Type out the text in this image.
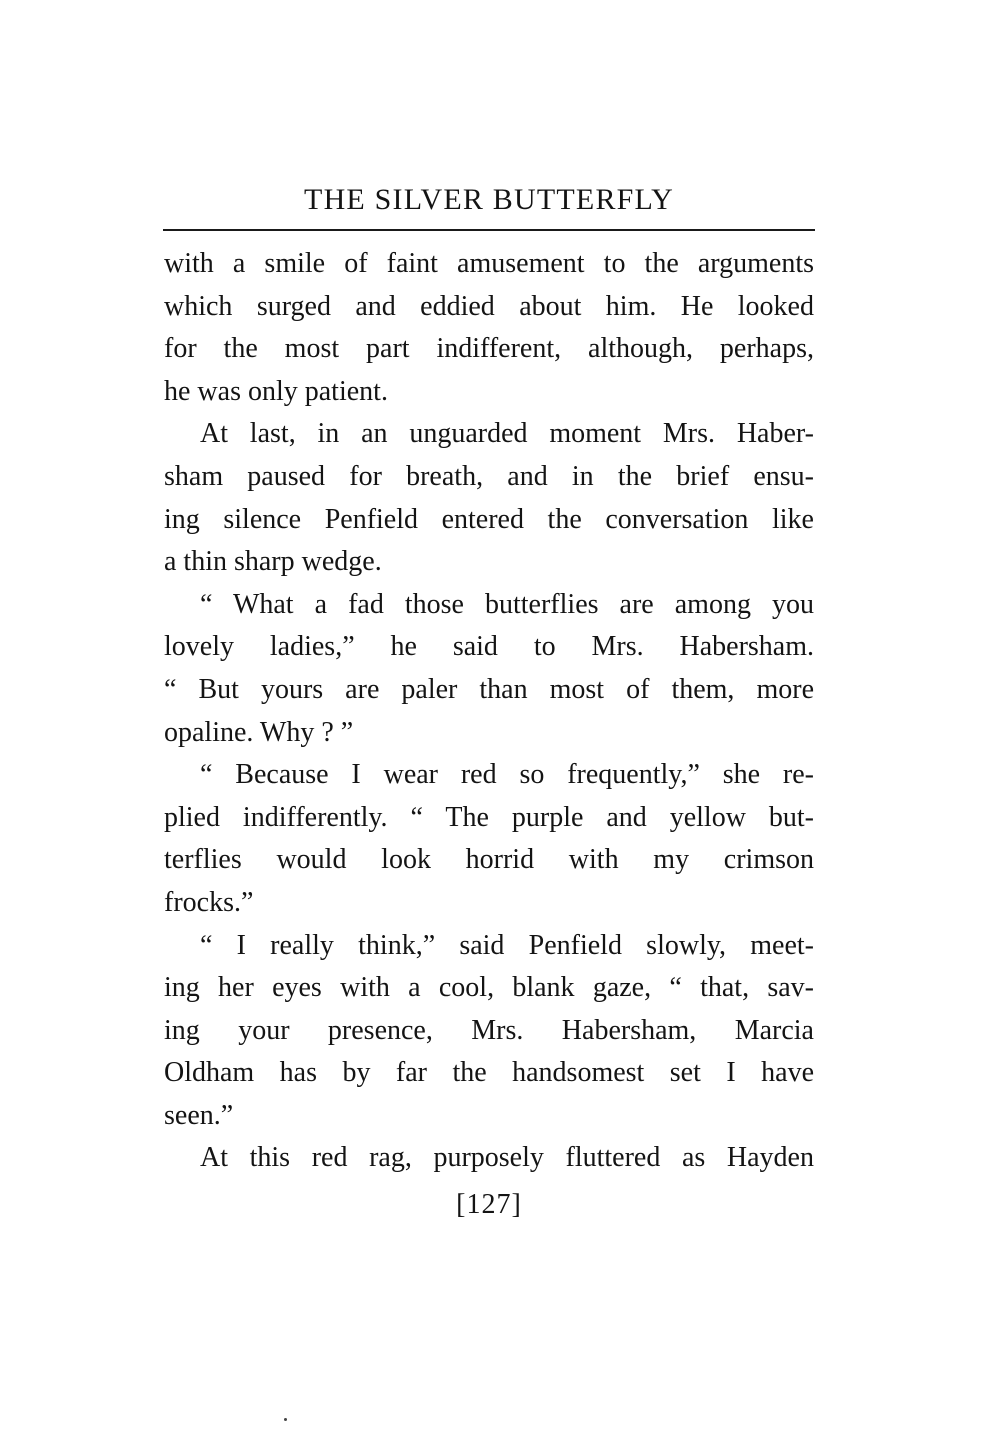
THE SILVER BUTTERFLY
with a smile of faint amusement to the arguments
which surged and eddied about him. He looked
for the most part indifferent, although, perhaps,
he was only patient.
At last, in an unguarded moment Mrs. Haber-
sham paused for breath, and in the brief ensu-
ing silence Penfield entered the conversation like
a thin sharp wedge.
“ What a fad those butterflies are among you
lovely ladies,” he said to Mrs. Habersham.
“ But yours are paler than most of them, more
opaline. Why ? ”
“ Because I wear red so frequently,” she re-
plied indifferently. “ The purple and yellow but-
terflies would look horrid with my crimson
frocks.”
“ I really think,” said Penfield slowly, meet-
ing her eyes with a cool, blank gaze, “ that, sav-
ing your presence, Mrs. Habersham, Marcia
Oldham has by far the handsomest set I have
seen.”
At this red rag, purposely fluttered as Hayden
[127]
